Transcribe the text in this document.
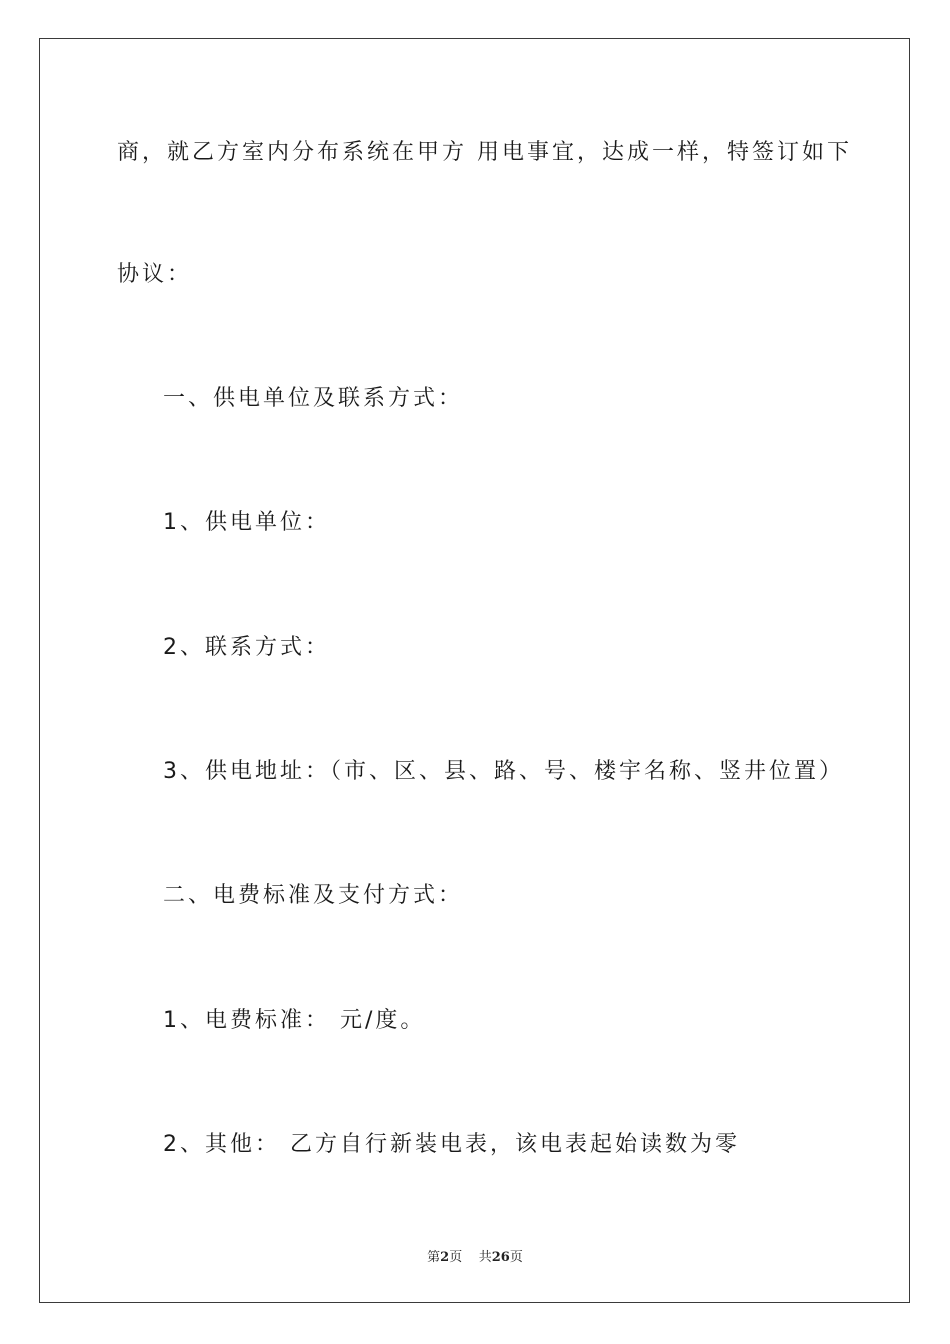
商，就乙方室内分布系统在甲方 用电事宜，达成一样，特签订如下
协议：
一、供电单位及联系方式：
1、供电单位：
2、联系方式：
3、供电地址：（市、区、县、路、号、楼宇名称、竖井位置）
二、电费标准及支付方式：
1、电费标准： 元/度。
2、其他： 乙方自行新装电表，该电表起始读数为零
第2页 共26页
